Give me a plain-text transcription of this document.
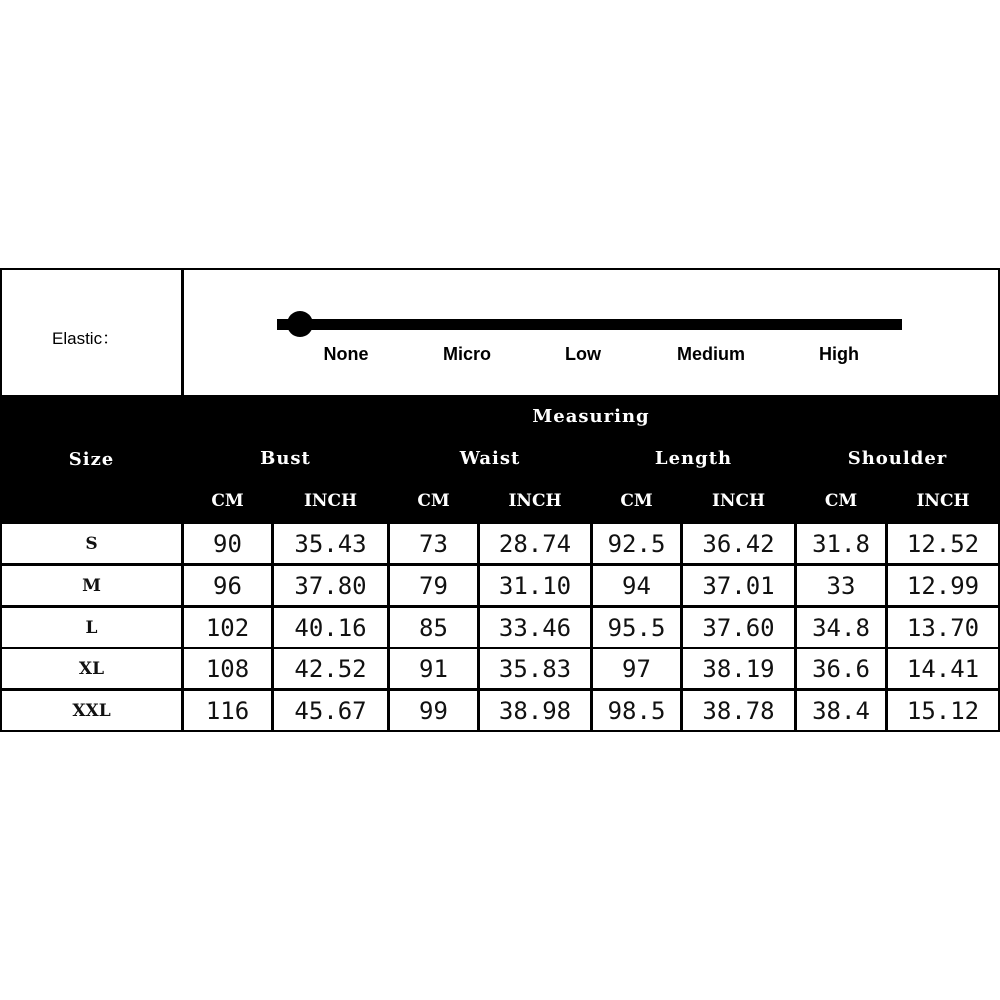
Elastic：
None	Micro	Low	Medium	High
Size
Measuring
Bust	Waist	Length	Shoulder
CM	INCH	CM	INCH	CM	INCH	CM	INCH
S	90	35.43	73	28.74	92.5	36.42	31.8	12.52
M	96	37.80	79	31.10	94	37.01	33	12.99
L	102	40.16	85	33.46	95.5	37.60	34.8	13.70
XL	108	42.52	91	35.83	97	38.19	36.6	14.41
XXL	116	45.67	99	38.98	98.5	38.78	38.4	15.12
